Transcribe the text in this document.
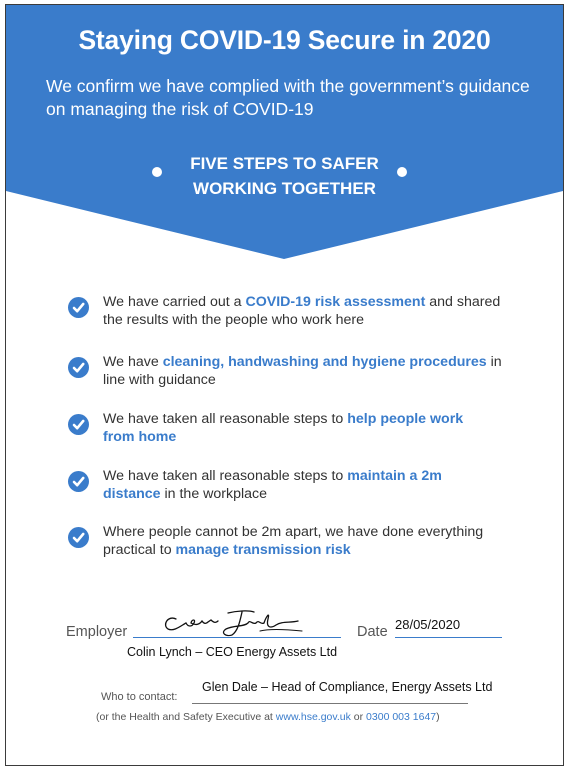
Staying COVID-19 Secure in 2020
We confirm we have complied with the government’s guidance on managing the risk of COVID-19
FIVE STEPS TO SAFER
WORKING TOGETHER
We have carried out a COVID-19 risk assessment and shared the results with the people who work here
We have cleaning, handwashing and hygiene procedures in line with guidance
We have taken all reasonable steps to help people work from home
We have taken all reasonable steps to maintain a 2m distance in the workplace
Where people cannot be 2m apart, we have done everything practical to manage transmission risk
Employer
Colin Lynch – CEO Energy Assets Ltd
Date 28/05/2020
Who to contact:
Glen Dale – Head of Compliance, Energy Assets Ltd
(or the Health and Safety Executive at www.hse.gov.uk or 0300 003 1647)
